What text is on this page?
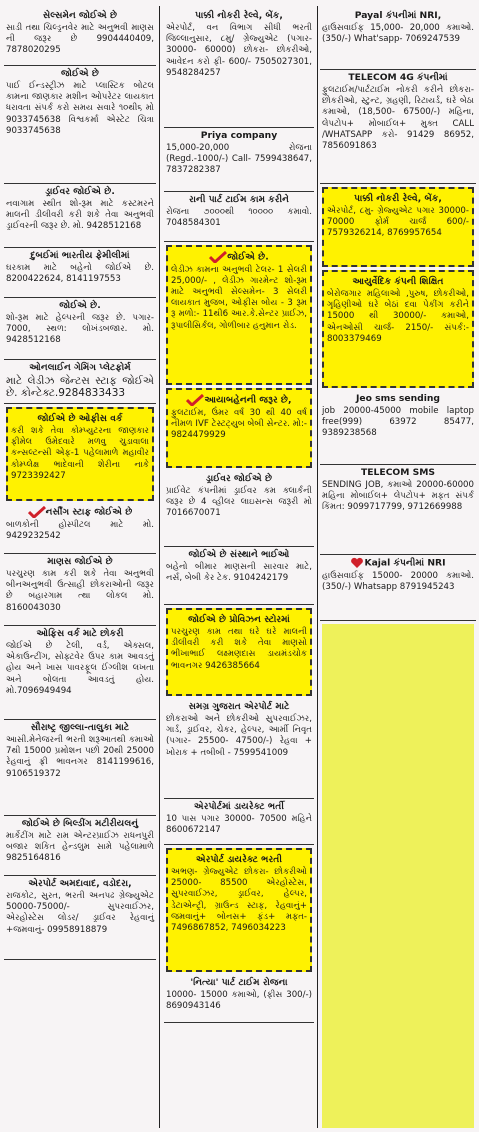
સેલ્સમેન જોઈએ છે
સાડી તથા ચિલ્ડ્રનવેર માટે અનુભવી માણસ ની જરૂર છે 9904440409, 7878020295
જોઈએ છે
પાઈ ઈન્ડસ્ટ્રીઝ માટે પ્લાસ્ટિક બોટલ કામના જાણકાર મશીન ઓપરેટર લાયકાત ધરાવતા સંપર્ક કરો સમય સવારે ૧૦થી૬ મો 9033745638 વિશ્વકર્મા એસ્ટેટ ચિત્રા 9033745638
ડ્રાઈવર જોઈએ છે.
નવાગામ સ્થીત શો-રૂમ માટે કસ્ટમરને માલની ડીલીવરી કરી શકે તેવા અનુભવી ડ્રાઈવરની જરૂર છે. મો. 9428512168
દુબઈમાં ભારતીય ફેમીલીમાં
ઘરકામ માટે બહેનો જોઈએ છે. 8200422624, 8141197553
જોઈએ છે.
શો-રૂમ માટે હેલ્પરની જરૂર છે. પગાર- 7000, સ્થળ: લોખંડબજાર. મો. 9428512168
ઓનલાઈન ગેમિંગ પ્લેટફોર્મ
માટે લેડીઝ જેન્ટસ સ્ટાફ જોઈએ છે. કોન્ટેક્ટ.9284833433
જોઈએ છે ઓફીસ વર્ક
કરી શકે તેવા કોમ્પ્યુટરના જાણકાર ફીમેલ ઉમેદવારે મળવુ ચુડાવાલા કન્સલ્ટન્સી એફ-1 પહેલામાળે મહાવીર કોમ્પ્લેક્ષ ભાદેવાની શેરીના નાકે 9723392427
નર્સીંગ સ્ટાફ જોઈએ છે
બાળકોની હોસ્પીટલ માટે મો. 9429232542
માણસ જોઈએ છે
પરચુરણ કામ કરી શકે તેવા અનુભવી બીનઅનુભવી ઉત્સાહી છોકરાઓની જરૂર છે બહારગામ ત્થા લોકલ મો. 8160043030
ઓફિસ વર્ક માટે છોકરી
જોઈએ છે ટેલી, વર્ડ, એક્સલ, એકાઉન્ટીંગ, સોફ્ટવેર ઉપર કામ આવડતું હોય અને ખાસ પાવરફૂલ ઈંગ્લીશ લખતા અને બોલતા આવડતું હોય. મો.7096949494
સૌરાષ્ટ્ર જીલ્લા-તાલુકા માટે
આસી.મેનેજરની ભરતી શરૂઆતથી કમાઓ 7થી 15000 પ્રમોશન પછી 20થી 25000 રેહવાનું ફ્રી ભાવનગર 8141199616, 9106519372
જોઈએ છે બિલ્ડીંગ મટીરીયલનું
માર્કેટીંગ માટે રામ એન્ટરપ્રાઈઝ રાધનપુરી બજાર શકિત હેન્ડલુમ સામે પહેલામાળે 9825164816
એરપોર્ટ અમદાવાદ, વડોદરા,
રાજકોટ, સુરત, ભરતી અનપઢ ગ્રેજ્યુએટ 50000-75000/- સુપરવાઈઝર, એરહોસ્ટેસ લોડર/ ડ્રાઈવર રેહવાનું +જમવાનું- 09958918879
પાક્કી નોકરી રેલ્વે, બેંક,
એરપોર્ટ, વન વિભાગ સીધી ભરતી જિલ્લાનુસાર, ૮મુ/ ગ્રેજ્યુએટ (પગાર- 30000- 60000) છોકરા- છોકરીઓ, આવેદન કરો ફી- 600/- 7505027301, 9548284257
Priya company
15,000-20,000 રોજના (Regd.-1000/-) Call- 7599438647, 7837282387
રાની પાર્ટ ટાઈમ કામ કરીને
રોજના ૭૦૦૦થી ૧૦૦૦૦ કમાવો. 7048584301
જોઈએ છે.
લેડીઝ કામના અનુભવી ટેલર- 1 સેલરી 25,000/- , લેડીઝ ગારમેન્ટ શો-રૂમ માટે અનુભવી સેલ્સમેન- 3 સેલરી લાયકાત મુજબ, ઓફીસ બોય - 3 રૂમ રૂ મળો:- 11થી6 આર.કે.સેન્ટર પ્રાઈઝ, રૂપાલીસિર્કલ, ગોળીબાર હનુમાન રોડ.
આયાબહેનની જરૂર છે,
ફુલટાઈમ, ઉંમર વર્ષ 30 થી 40 વર્ષ નીમળ IVF ટેસ્ટટ્યુબ બેબી સેન્ટર. મો:- 9824479929
ડ્રાઈવર જોઈએ છે
પ્રાઈવેટ કંપનીમાં ડ્રાઈવર કમ ક્લાર્કની જરૂર છે 4 વ્હીલર લાઇસન્સ જરૂરી મો 7016670071
જોઈએ છે સંસ્થાને ભાઈઓ
બહેનો બીમાર માણસની સારવાર માટે, નર્સ, બેબી કેર ટેક. 9104242179
જોઈએ છે પ્રોવિઝન સ્ટોરમાં
પરચુરણ કામ તથા ઘરે ઘરે માલની ડીલીવરી કરી શકે તેવા માણસો ભીખાભાઈ લક્ષ્મણદાસ ડાયમંડચોક ભાવનગર 9426385664
સમગ્ર ગુજરાત એરપોર્ટ માટે
છોકરાઓ અને છોકરીઓ સુપરવાઈઝર, ગાર્ડ, ડ્રાઈવર, ચેકર, હેલ્પર, આર્મી નિવૃત (પગાર- 25500- 47500/-) રેહવા + ખોરાક + તબીબી - 7599541009
એરપોર્ટમાં ડાયરેક્ટ ભર્તી
10 પાસ પગાર 30000- 70500 મહિને 8600672147
એરપોર્ટ ડાયરેક્ટ ભરતી
અભણ- ગ્રેજ્યુએટ છોકરા- છોકરીઓ 25000- 85500 એરહોસ્ટેસ, સુપરવાઈઝર, ડ્રાઈવર, હેલ્પર, ડેટાએન્ટ્રી, ગ્રાઉન્ડ સ્ટાફ, રેહવાનું+ જમવાનું+ બોનસ+ ફંડ+ મફત- 7496867852, 7496034223
'નિત્યા' પાર્ટ ટાઈમ રોજના
10000- 15000 કમાઓ, (ફીસ 300/-) 8690943146
Payal કંપનીમાં NRI,
હાઉસવાઈફ 15,000- 20,000 કમાઓ. (350/-) What'sapp- 7069247539
TELECOM 4G કંપનીમાં
ફુલટાઈમ/પાર્ટટાઈમ નોકરી કરીને છોકરા- છોકરીઓ, સ્ટુન્ટ, ગ્રહણી, રિટાયર્ડ, ઘરે બેઠા કમાઓ, (18,500- 67500/-) મહિના, લેપટોપ+ મોબાઈલ+ મુક્ત CALL /WHATSAPP કરો- 91429 86952, 7856091863
પાક્કી નોકરી રેલ્વે, બેંક,
એરપોર્ટ, ૮મુ- ગ્રેજ્યુએટ પગાર 30000- 70000 ફોર્મ ચાર્જ 600/- 7579326214, 8769957654
આયુર્વેદિક કંપની શિક્ષિત
બેરોજગાર મહિલાઓ ,પુરુષ, છોકરીઓ, ગૃહિણીઓ ઘરે બેઠાં દવા પેકીંગ કરીને 15000 થી 30000/- કમાઓ, એનઓસી ચાર્જ- 2150/- સંપર્ક:- 8003379469
Jeo sms sending
job 20000-45000 mobile laptop free(999) 63972 85477, 9389238568
TELECOM SMS
SENDING JOB, કમાઓ 20000-60000 મહિના મોબાઈલ+ લેપટોપ+ મફત સંપર્ક કિંમત: 9099717799, 9712669988
Kajal કંપનીમાં NRI
હાઉસવાઈફ 15000- 20000 કમાઓ. (350/-) Whatsapp 8791945243
